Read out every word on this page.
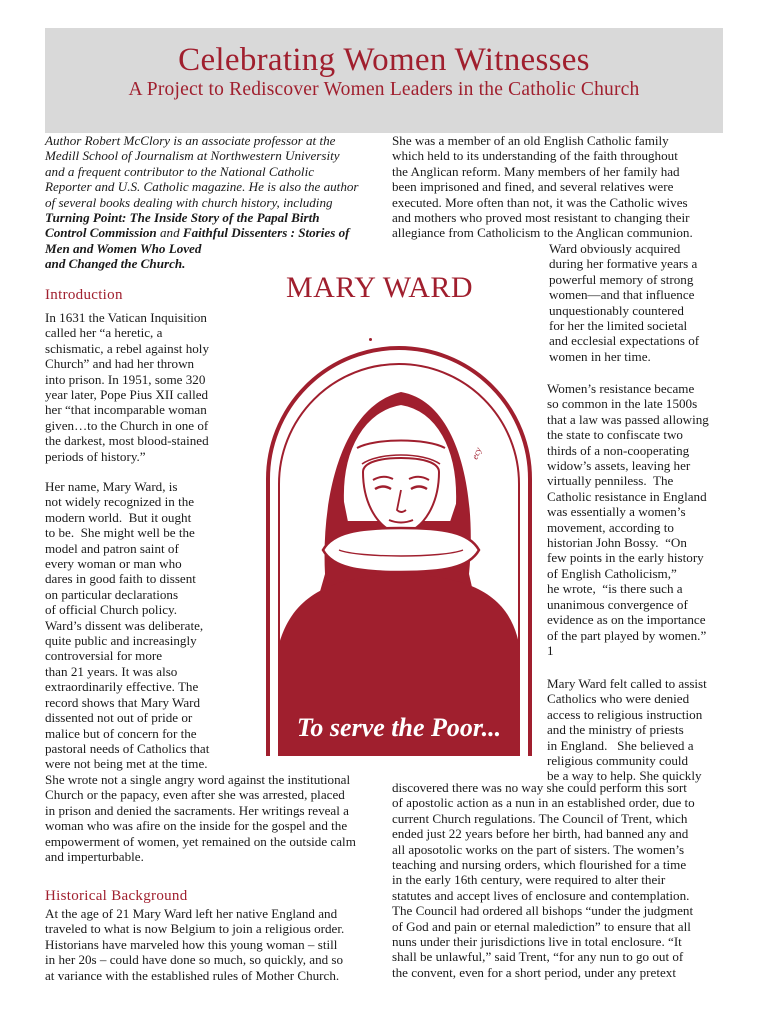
Celebrating Women Witnesses
A Project to Rediscover Women Leaders in the Catholic Church
Author Robert McClory is an associate professor at the
Medill School of Journalism at Northwestern University
and a frequent contributor to the National Catholic
Reporter and U.S. Catholic magazine. He is also the author
of several books dealing with church history, including
Turning Point: The Inside Story of the Papal Birth
Control Commission and Faithful Dissenters : Stories of
Men and Women Who Loved
and Changed the Church.
Introduction
In 1631 the Vatican Inquisition
called her “a heretic, a
schismatic, a rebel against holy
Church” and had her thrown
into prison. In 1951, some 320
year later, Pope Pius XII called
her “that incomparable woman
given…to the Church in one of
the darkest, most blood-stained
periods of history.”
Her name, Mary Ward, is
not widely recognized in the
modern world.  But it ought
to be.  She might well be the
model and patron saint of
every woman or man who
dares in good faith to dissent
on particular declarations
of official Church policy.
Ward’s dissent was deliberate,
quite public and increasingly
controversial for more
than 21 years. It was also
extraordinarily effective. The
record shows that Mary Ward
dissented not out of pride or
malice but of concern for the
pastoral needs of Catholics that
were not being met at the time.
She wrote not a single angry word against the institutional
Church or the papacy, even after she was arrested, placed
in prison and denied the sacraments. Her writings reveal a
woman who was afire on the inside for the gospel and the
empowerment of women, yet remained on the outside calm
and imperturbable.
Historical Background
At the age of 21 Mary Ward left her native England and
traveled to what is now Belgium to join a religious order.
Historians have marveled how this young woman – still
in her 20s – could have done so much, so quickly, and so
at variance with the established rules of Mother Church.
MARY WARD
ecy
To serve the Poor...
She was a member of an old English Catholic family
which held to its understanding of the faith throughout
the Anglican reform. Many members of her family had
been imprisoned and fined, and several relatives were
executed. More often than not, it was the Catholic wives
and mothers who proved most resistant to changing their
allegiance from Catholicism to the Anglican communion.
Ward obviously acquired
during her formative years a
powerful memory of strong
women—and that influence
unquestionably countered
for her the limited societal
and ecclesial expectations of
women in her time.
Women’s resistance became
so common in the late 1500s
that a law was passed allowing
the state to confiscate two
thirds of a non-cooperating
widow’s assets, leaving her
virtually penniless.  The
Catholic resistance in England
was essentially a women’s
movement, according to
historian John Bossy.  “On
few points in the early history
of English Catholicism,”
he wrote,  “is there such a
unanimous convergence of
evidence as on the importance
of the part played by women.”
1
Mary Ward felt called to assist
Catholics who were denied
access to religious instruction
and the ministry of priests
in England.   She believed a
religious community could
be a way to help. She quickly
discovered there was no way she could perform this sort
of apostolic action as a nun in an established order, due to
current Church regulations. The Council of Trent, which
ended just 22 years before her birth, had banned any and
all aposotolic works on the part of sisters. The women’s
teaching and nursing orders, which flourished for a time
in the early 16th century, were required to alter their
statutes and accept lives of enclosure and contemplation.
The Council had ordered all bishops “under the judgment
of God and pain or eternal malediction” to ensure that all
nuns under their jurisdictions live in total enclosure. “It
shall be unlawful,” said Trent, “for any nun to go out of
the convent, even for a short period, under any pretext
